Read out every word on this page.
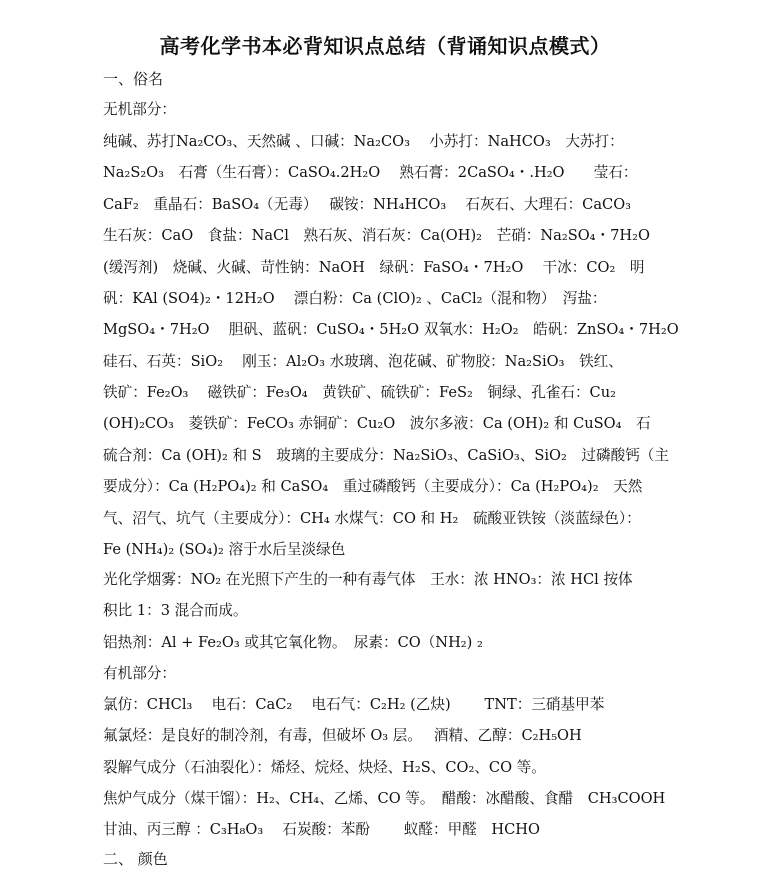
高考化学书本必背知识点总结（背诵知识点模式）
一、俗名
无机部分：
纯碱、苏打Na₂CO₃、天然碱 、口碱：Na₂CO₃　 小苏打：NaHCO₃　大苏打：
Na₂S₂O₃　石膏（生石膏）：CaSO₄.2H₂O　 熟石膏：2CaSO₄・.H₂O　　莹石：
CaF₂　重晶石：BaSO₄（无毒）　 碳铵：NH₄HCO₃　 石灰石、大理石：CaCO₃
生石灰：CaO　食盐：NaCl　熟石灰、消石灰：Ca(OH)₂　芒硝：Na₂SO₄・7H₂O
(缓泻剂)　烧碱、火碱、苛性钠：NaOH　绿矾：FaSO₄・7H₂O　 干冰：CO₂　明
矾：KAl (SO4)₂・12H₂O　 漂白粉：Ca (ClO)₂ 、CaCl₂（混和物）　泻盐：
MgSO₄・7H₂O　 胆矾、蓝矾：CuSO₄・5H₂O 双氧水：H₂O₂　皓矾：ZnSO₄・7H₂O
硅石、石英：SiO₂　 刚玉：Al₂O₃ 水玻璃、泡花碱、矿物胶：Na₂SiO₃　铁红、
铁矿：Fe₂O₃　 磁铁矿：Fe₃O₄　黄铁矿、硫铁矿：FeS₂　铜绿、孔雀石：Cu₂
(OH)₂CO₃　菱铁矿：FeCO₃ 赤铜矿：Cu₂O　波尔多液：Ca (OH)₂ 和 CuSO₄　石
硫合剂：Ca (OH)₂ 和 S　玻璃的主要成分：Na₂SiO₃、CaSiO₃、SiO₂　过磷酸钙（主
要成分）：Ca (H₂PO₄)₂ 和 CaSO₄　重过磷酸钙（主要成分）：Ca (H₂PO₄)₂　天然
气、沼气、坑气（主要成分）：CH₄ 水煤气：CO 和 H₂　硫酸亚铁铵（淡蓝绿色）：
Fe (NH₄)₂ (SO₄)₂ 溶于水后呈淡绿色
光化学烟雾：NO₂ 在光照下产生的一种有毒气体　王水：浓 HNO₃：浓 HCl 按体
积比 1：3 混合而成。
铝热剂：Al + Fe₂O₃ 或其它氧化物。　尿素：CO（NH₂) ₂
有机部分：
氯仿：CHCl₃　 电石：CaC₂　 电石气：C₂H₂ (乙炔)　　 TNT：三硝基甲苯
氟氯烃：是良好的制冷剂，有毒，但破坏 O₃ 层。　 酒精、乙醇：C₂H₅OH
裂解气成分（石油裂化）：烯烃、烷烃、炔烃、H₂S、CO₂、CO 等。
焦炉气成分（煤干馏）：H₂、CH₄、乙烯、CO 等。　醋酸：冰醋酸、食醋　CH₃COOH
甘油、丙三醇 ：C₃H₈O₃　 石炭酸：苯酚　　 蚁醛：甲醛　HCHO
二、 颜色
